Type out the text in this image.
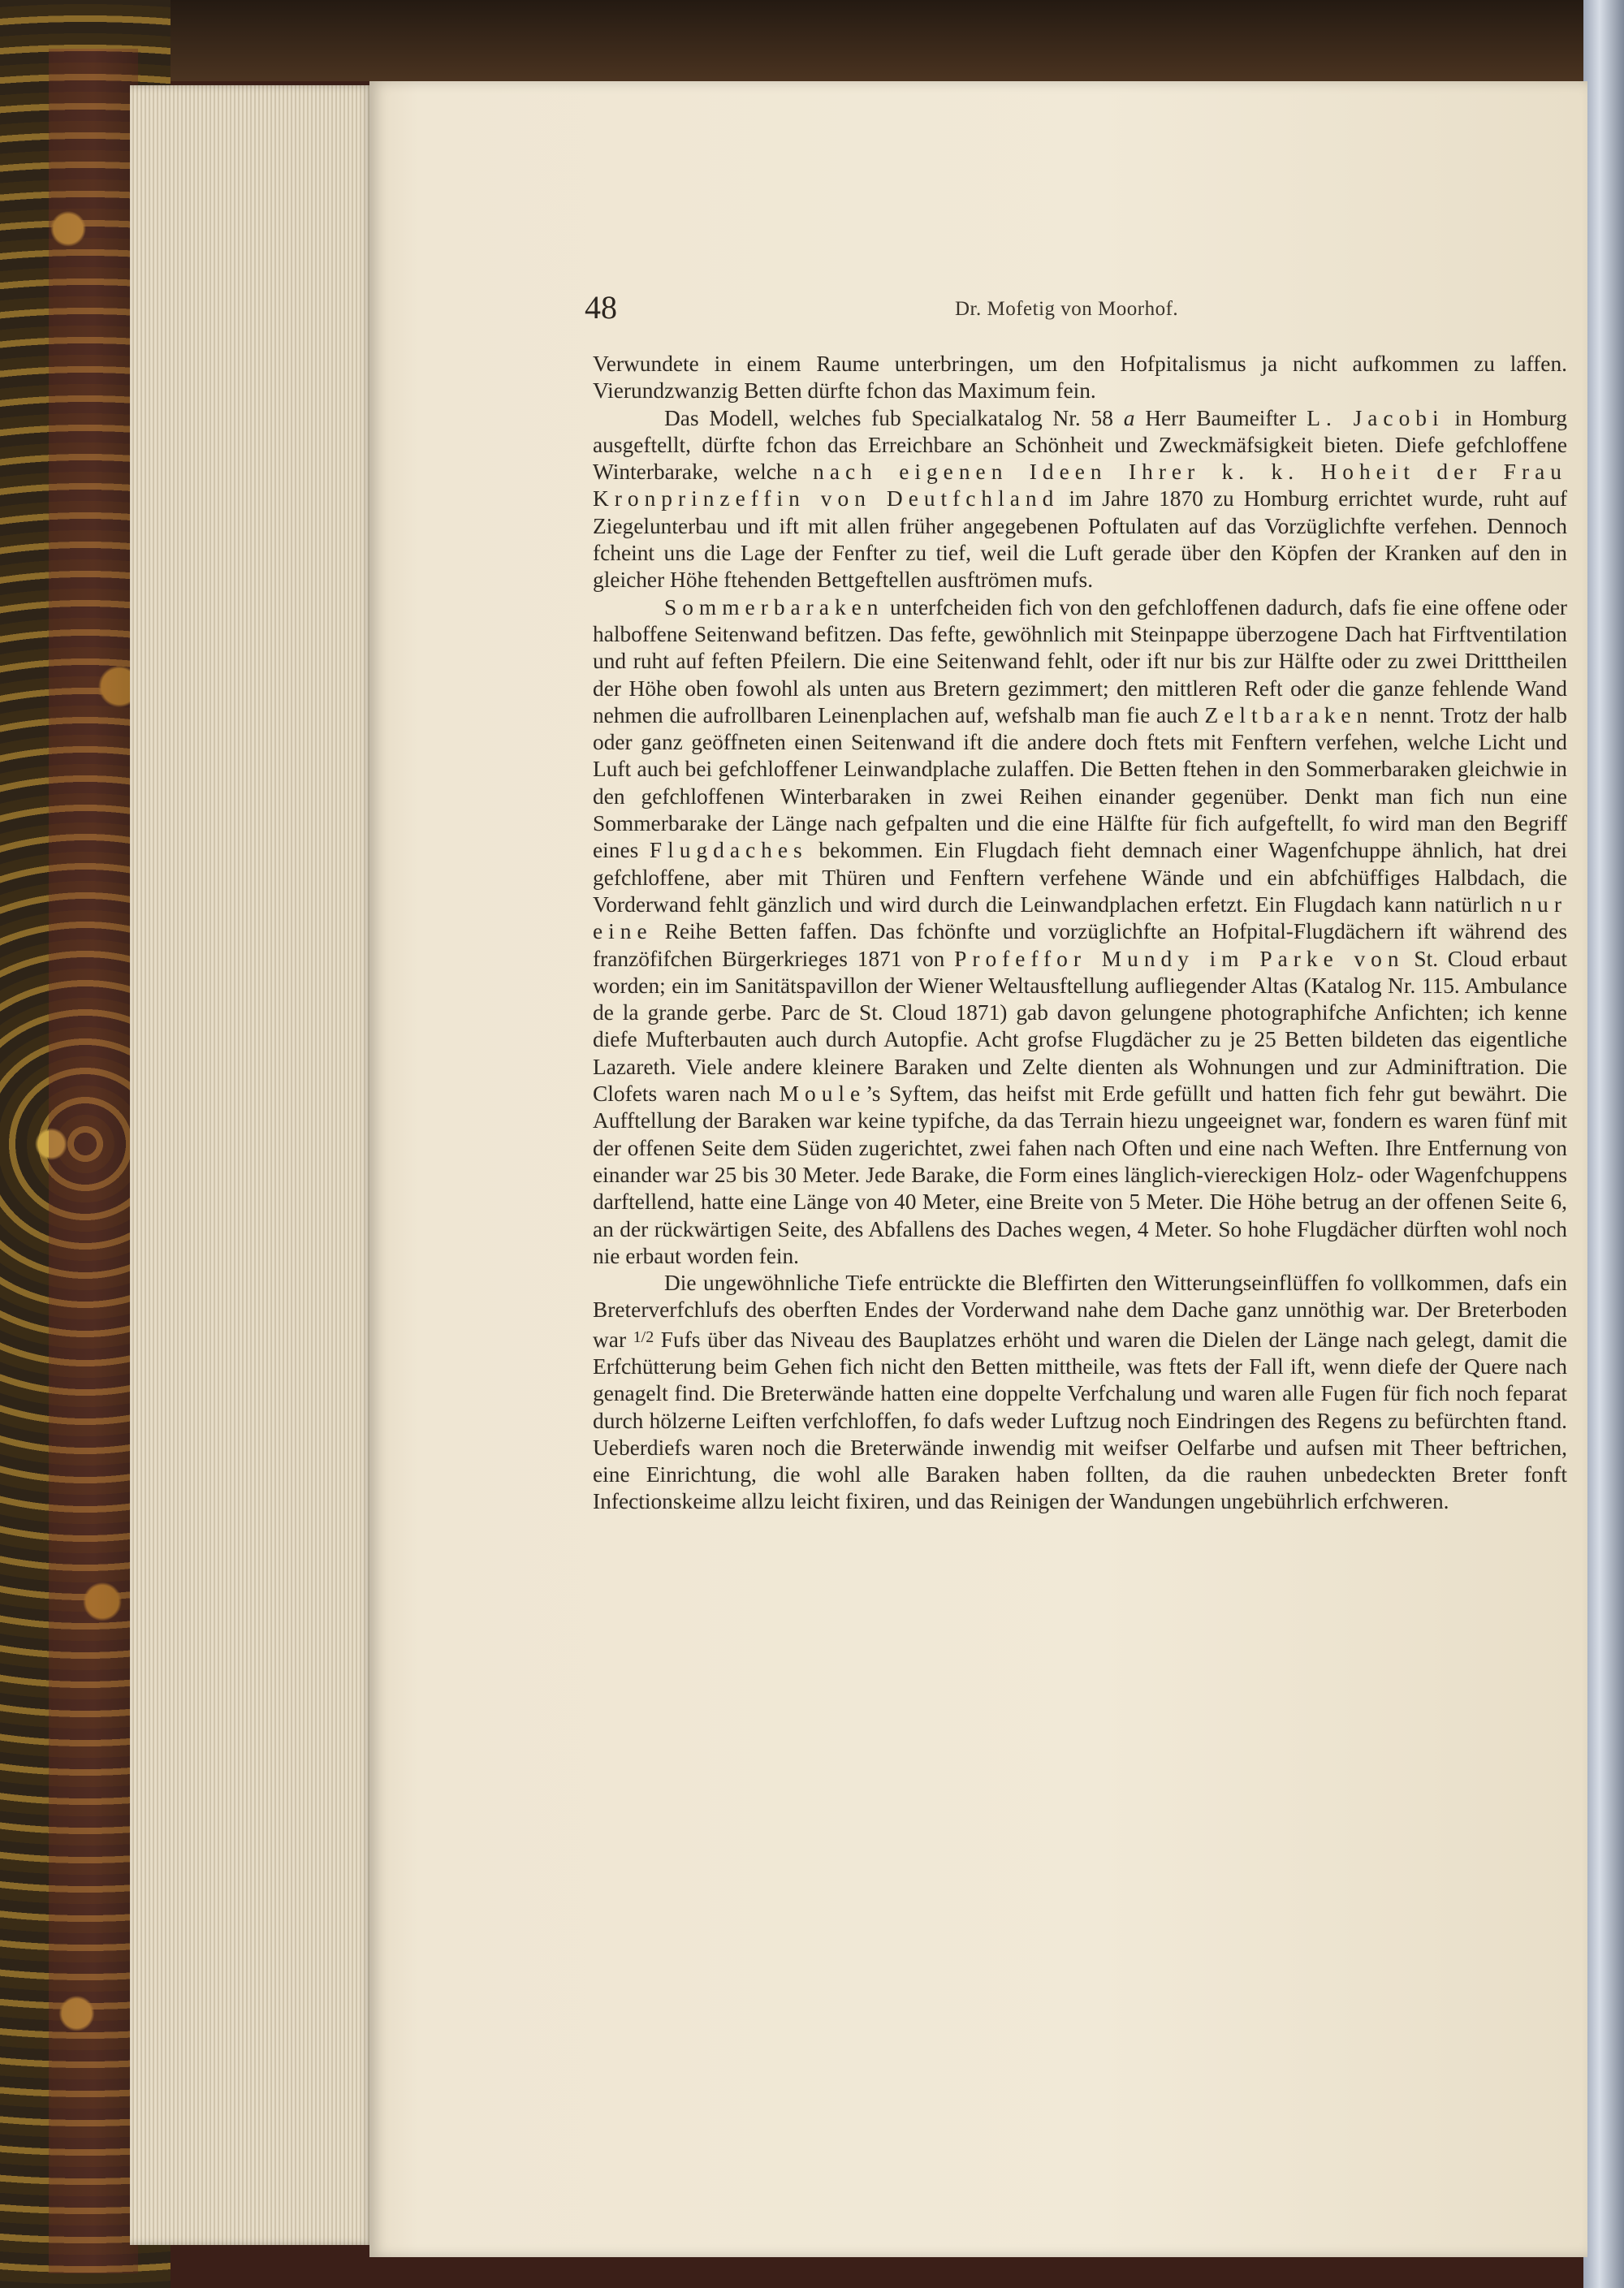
48	Dr. Mofetig von Moorhof.

Verwundete in einem Raume unterbringen, um den Hofpitalismus ja nicht aufkommen zu laffen. Vierundzwanzig Betten dürfte fchon das Maximum fein.

Das Modell, welches fub Specialkatalog Nr. 58 a Herr Baumeifter L. Jacobi in Homburg ausgeftellt, dürfte fchon das Erreichbare an Schönheit und Zweckmäfsigkeit bieten. Diefe gefchloffene Winterbarake, welche nach eigenen Ideen Ihrer k. k. Hoheit der Frau Kronprinzeffin von Deutfchland im Jahre 1870 zu Homburg errichtet wurde, ruht auf Ziegelunterbau und ift mit allen früher angegebenen Poftulaten auf das Vorzüglichfte verfehen. Dennoch fcheint uns die Lage der Fenfter zu tief, weil die Luft gerade über den Köpfen der Kranken auf den in gleicher Höhe ftehenden Bettgeftellen ausftrömen mufs.

Sommerbaraken unterfcheiden fich von den gefchloffenen dadurch, dafs fie eine offene oder halboffene Seitenwand befitzen. Das fefte, gewöhnlich mit Steinpappe überzogene Dach hat Firftventilation und ruht auf feften Pfeilern. Die eine Seitenwand fehlt, oder ift nur bis zur Hälfte oder zu zwei Dritttheilen der Höhe oben fowohl als unten aus Bretern gezimmert; den mittleren Reft oder die ganze fehlende Wand nehmen die aufrollbaren Leinenplachen auf, wefshalb man fie auch Zeltbaraken nennt. Trotz der halb oder ganz geöffneten einen Seitenwand ift die andere doch ftets mit Fenftern verfehen, welche Licht und Luft auch bei gefchloffener Leinwandplache zulaffen. Die Betten ftehen in den Sommerbaraken gleichwie in den gefchloffenen Winterbaraken in zwei Reihen einander gegenüber. Denkt man fich nun eine Sommerbarake der Länge nach gefpalten und die eine Hälfte für fich aufgeftellt, fo wird man den Begriff eines Flugdaches bekommen. Ein Flugdach fieht demnach einer Wagenfchuppe ähnlich, hat drei gefchloffene, aber mit Thüren und Fenftern verfehene Wände und ein abfchüffiges Halbdach, die Vorderwand fehlt gänzlich und wird durch die Leinwandplachen erfetzt. Ein Flugdach kann natürlich nur eine Reihe Betten faffen. Das fchönfte und vorzüglichfte an Hofpital-Flugdächern ift während des franzöfifchen Bürgerkrieges 1871 von Profeffor Mundy im Parke von St. Cloud erbaut worden; ein im Sanitätspavillon der Wiener Weltausftellung aufliegender Altas (Katalog Nr. 115. Ambulance de la grande gerbe. Parc de St. Cloud 1871) gab davon gelungene photographifche Anfichten; ich kenne diefe Mufterbauten auch durch Autopfie. Acht grofse Flugdächer zu je 25 Betten bildeten das eigentliche Lazareth. Viele andere kleinere Baraken und Zelte dienten als Wohnungen und zur Adminiftration. Die Clofets waren nach Moule’s Syftem, das heifst mit Erde gefüllt und hatten fich fehr gut bewährt. Die Aufftellung der Baraken war keine typifche, da das Terrain hiezu ungeeignet war, fondern es waren fünf mit der offenen Seite dem Süden zugerichtet, zwei fahen nach Often und eine nach Weften. Ihre Entfernung von einander war 25 bis 30 Meter. Jede Barake, die Form eines länglich-viereckigen Holz- oder Wagenfchuppens darftellend, hatte eine Länge von 40 Meter, eine Breite von 5 Meter. Die Höhe betrug an der offenen Seite 6, an der rückwärtigen Seite, des Abfallens des Daches wegen, 4 Meter. So hohe Flugdächer dürften wohl noch nie erbaut worden fein.

Die ungewöhnliche Tiefe entrückte die Bleffirten den Witterungseinflüffen fo vollkommen, dafs ein Breterverfchlufs des oberften Endes der Vorderwand nahe dem Dache ganz unnöthig war. Der Breterboden war $^{1/2}$ Fufs über das Niveau des Bauplatzes erhöht und waren die Dielen der Länge nach gelegt, damit die Erfchütterung beim Gehen fich nicht den Betten mittheile, was ftets der Fall ift, wenn diefe der Quere nach genagelt find. Die Breterwände hatten eine doppelte Verfchalung und waren alle Fugen für fich noch feparat durch hölzerne Leiften verfchloffen, fo dafs weder Luftzug noch Eindringen des Regens zu befürchten ftand. Ueberdiefs waren noch die Breterwände inwendig mit weifser Oelfarbe und aufsen mit Theer beftrichen, eine Einrichtung, die wohl alle Baraken haben follten, da die rauhen unbedeckten Breter fonft Infectionskeime allzu leicht fixiren, und das Reinigen der Wandungen ungebührlich erfchweren.
